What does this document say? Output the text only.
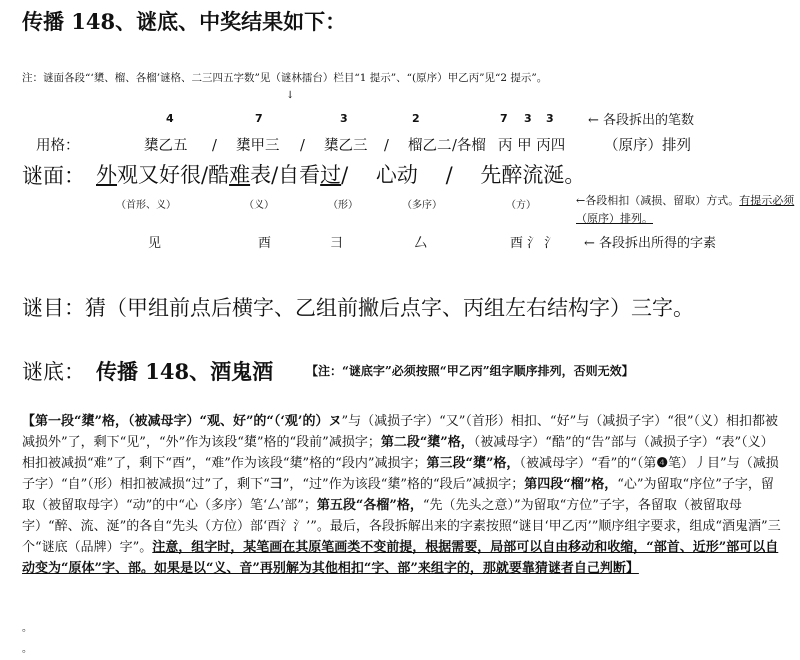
传播 148、谜底、中奖结果如下：
注：谜面各段“‘橥、榴、各榴’谜格、二三四五字数”见（谜林擂台）栏目“1 提示”、“(原序）甲乙丙”见“2 提示”。
↓
4	7	3	2	7 3 3	← 各段拆出的笔数
用格：	橥乙五 / 　橥甲三 / 　橥乙三 / 　榴乙二 /各榴 丙 甲 丙四	（原序）排列
谜面： 外观又好很/酷难表/自看过/ 　心动 　/ 　先醉流涎。
（首形、义）	（义）	（形）	（多序）	（方）	←各段相扣（减损、留取）方式。有提示必须（原序）排列。
见	酉	⺕	厶	酉 氵 氵 ← 各段拆出所得的字素
谜目：猜（甲组前点后横字、乙组前撇后点字、丙组左右结构字）三字。
谜底： 传播 148、酒鬼酒	【注：“谜底字”必须按照“甲乙丙”组字顺序排列，否则无效】
【第一段“橥”格，（被减母字）“观、好”的“（‘观’的）ヌ”与（减损子字）“又”（首形）相扣、“好”与（减损子字）“很”（义）相扣都被减损外”了，剩下“见”，“外”作为该段“橥”格的“段前”减损字；第二段“橥”格，（被减母字）“酷”的“告”部与（减损子字）“表”（义）相扣被减损“难”了，剩下“酉”，“难”作为该段“橥”格的“段内”减损字；第三段“橥”格，（被减母字）“看”的“（第❹笔）丿目”与（减损子字）“自”（形）相扣被减损“过”了，剩下“⺕”，“过”作为该段“橥”格的“段后”减损字；第四段“榴”格，“心”为留取“序位”子字，留取（被留取母字）“动”的中“心（多序）笔‘厶’部”；第五段“各榴”格，“先（先头之意）”为留取“方位”子字，各留取（被留取母字）“醉、流、涎”的各自“先头（方位）部‘酉氵氵’”。最后，各段拆解出来的字素按照“谜目‘甲乙丙’”顺序组字要求，组成“酒鬼酒”三个“谜底（品牌）字”。注意，组字时，某笔画在其原笔画类不变前提，根据需要，局部可以自由移动和收缩，“部首、近形”部可以自动变为“原体”字、部。如果是以“义、音”再别解为其他相扣“字、部”来组字的，那就要靠猜谜者自己判断】
。
。
